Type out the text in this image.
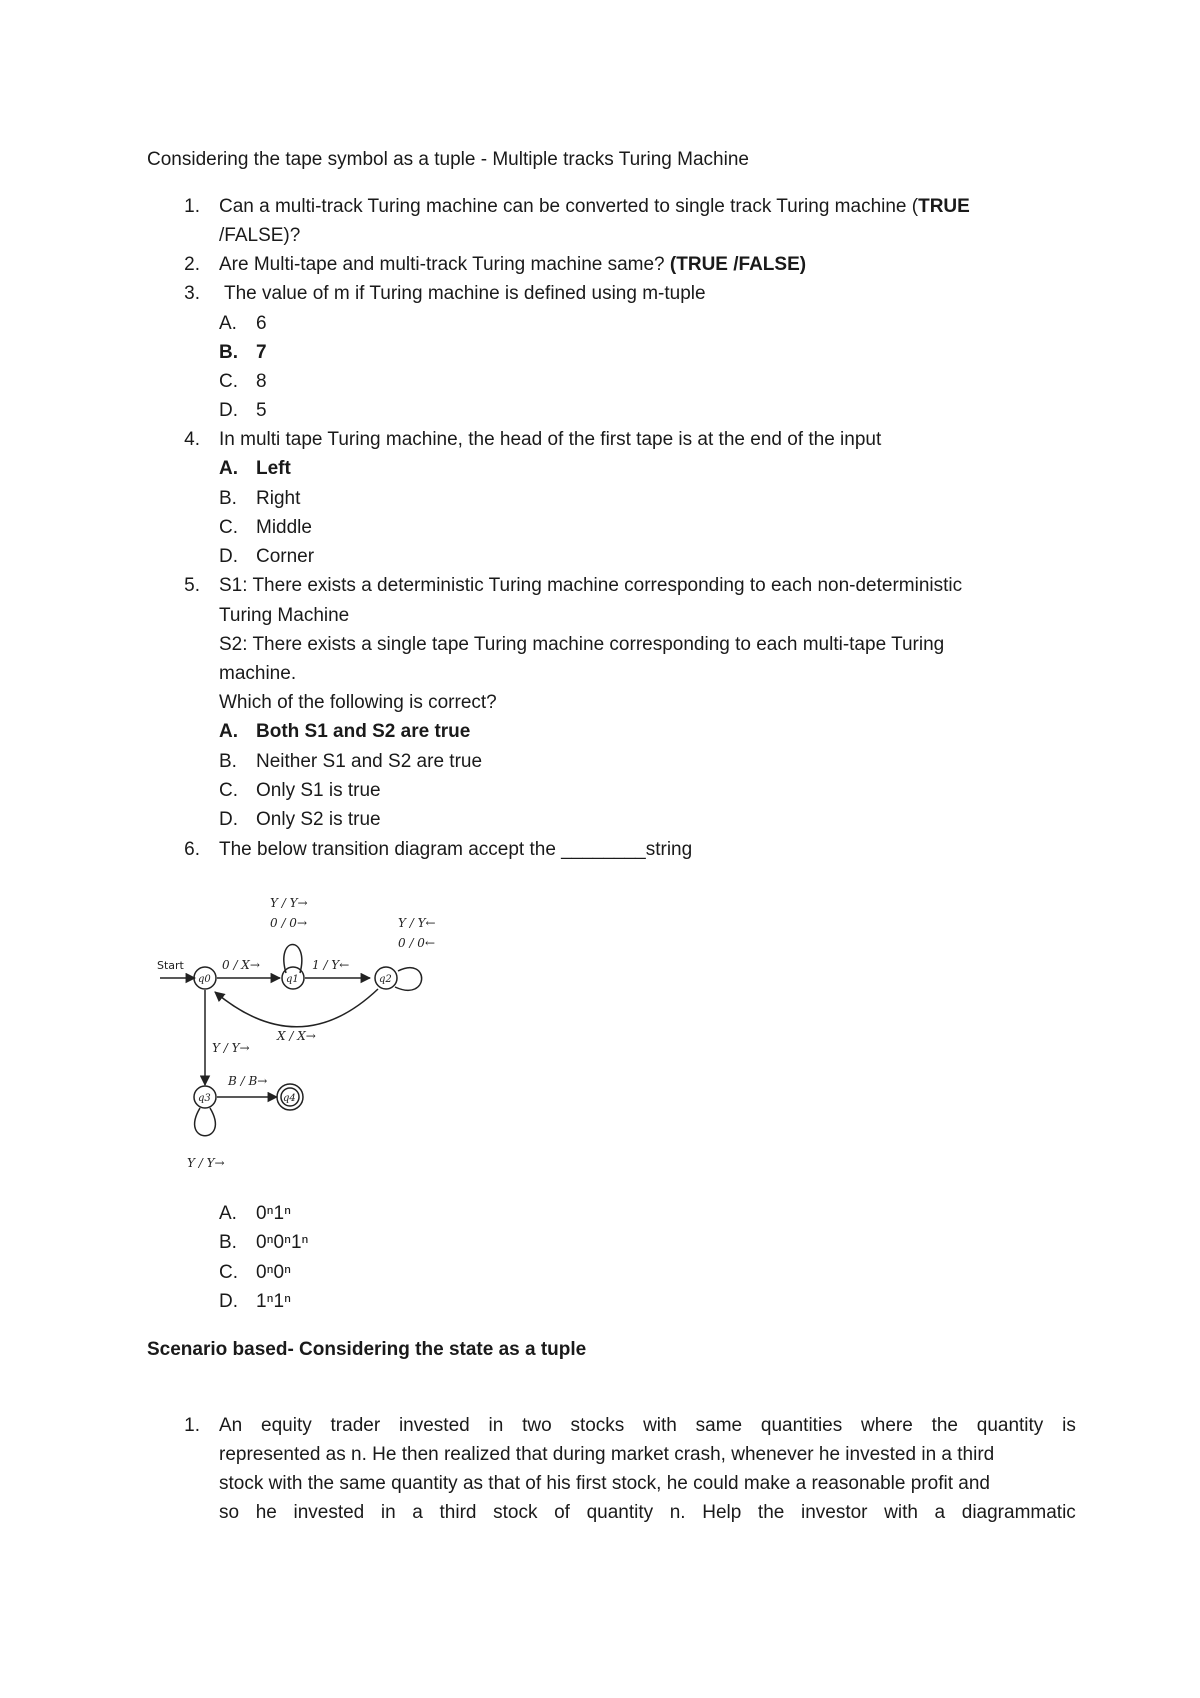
Considering the tape symbol as a tuple - Multiple tracks Turing Machine
1. Can a multi-track Turing machine can be converted to single track Turing machine (TRUE
/FALSE)?
2. Are Multi-tape and multi-track Turing machine same? (TRUE /FALSE)
3. The value of m if Turing machine is defined using m-tuple
A. 6
B. 7
C. 8
D. 5
4. In multi tape Turing machine, the head of the first tape is at the end of the input
A. Left
B. Right
C. Middle
D. Corner
5. S1: There exists a deterministic Turing machine corresponding to each non-deterministic
Turing Machine
S2: There exists a single tape Turing machine corresponding to each multi-tape Turing
machine.
Which of the following is correct?
A. Both S1 and S2 are true
B. Neither S1 and S2 are true
C. Only S1 is true
D. Only S2 is true
6. The below transition diagram accept the ________string
Start
q0	q1	q2
q3	q4
Y / Y→
0 / 0→	Y / Y←
0 / 0←
0 / X→	1 / Y←
X / X→
Y / Y→
B / B→
Y / Y→
A. 0ⁿ1ⁿ
B. 0ⁿ0ⁿ1ⁿ
C. 0ⁿ0ⁿ
D. 1ⁿ1ⁿ
Scenario based- Considering the state as a tuple
1. An equity trader invested in two stocks with same quantities where the quantity is
represented as n. He then realized that during market crash, whenever he invested in a third
stock with the same quantity as that of his first stock, he could make a reasonable profit and
so he invested in a third stock of quantity n. Help the investor with a diagrammatic
